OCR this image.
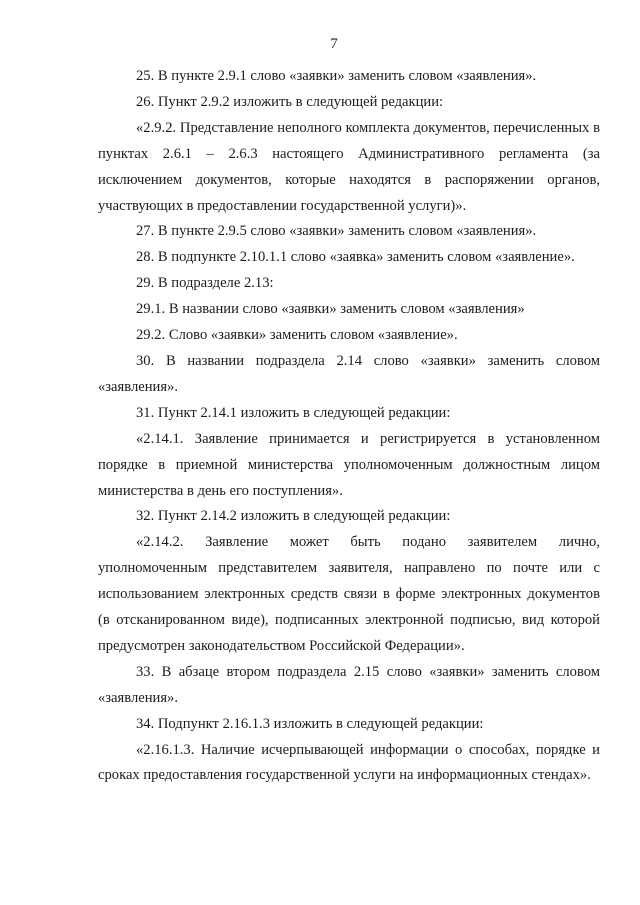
7

25. В пункте 2.9.1 слово «заявки» заменить словом «заявления».

26. Пункт 2.9.2 изложить в следующей редакции:

«2.9.2. Представление неполного комплекта документов, перечисленных в пунктах 2.6.1 – 2.6.3 настоящего Административного регламента (за исключением документов, которые находятся в распоряжении органов, участвующих в предоставлении государственной услуги)».

27. В пункте 2.9.5 слово «заявки» заменить словом «заявления».

28. В подпункте 2.10.1.1 слово «заявка» заменить словом «заявление».

29. В подразделе 2.13:

29.1. В названии слово «заявки» заменить словом «заявления»

29.2. Слово «заявки» заменить словом «заявление».

30. В названии подраздела 2.14 слово «заявки» заменить словом «заявления».

31. Пункт 2.14.1 изложить в следующей редакции:

«2.14.1. Заявление принимается и регистрируется в установленном порядке в приемной министерства уполномоченным должностным лицом министерства в день его поступления».

32. Пункт 2.14.2 изложить в следующей редакции:

«2.14.2. Заявление может быть подано заявителем лично, уполномоченным представителем заявителя, направлено по почте или с использованием электронных средств связи в форме электронных документов (в отсканированном виде), подписанных электронной подписью, вид которой предусмотрен законодательством Российской Федерации».

33. В абзаце втором подраздела 2.15 слово «заявки» заменить словом «заявления».

34. Подпункт 2.16.1.3 изложить в следующей редакции:

«2.16.1.3. Наличие исчерпывающей информации о способах, порядке и сроках предоставления государственной услуги на информационных стендах».
